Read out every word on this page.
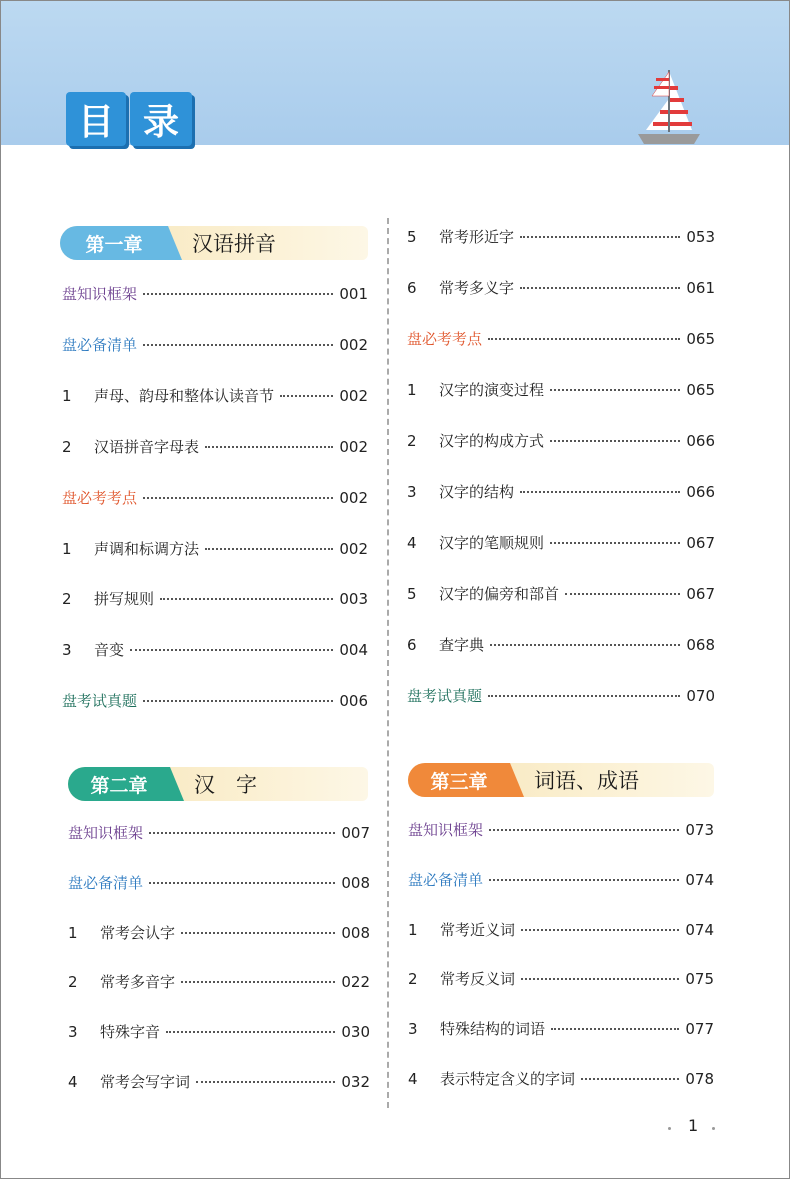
目 录
第一章	汉语拼音
盘知识框架	001
盘必备清单	002
1	声母、韵母和整体认读音节	002
2	汉语拼音字母表	002
盘必考考点	002
1	声调和标调方法	002
2	拼写规则	003
3	音变	004
盘考试真题	006
第二章	汉　字
盘知识框架	007
盘必备清单	008
1	常考会认字	008
2	常考多音字	022
3	特殊字音	030
4	常考会写字词	032
5	常考形近字	053
6	常考多义字	061
盘必考考点	065
1	汉字的演变过程	065
2	汉字的构成方式	066
3	汉字的结构	066
4	汉字的笔顺规则	067
5	汉字的偏旁和部首	067
6	查字典	068
盘考试真题	070
第三章	词语、成语
盘知识框架	073
盘必备清单	074
1	常考近义词	074
2	常考反义词	075
3	特殊结构的词语	077
4	表示特定含义的字词	078
1
